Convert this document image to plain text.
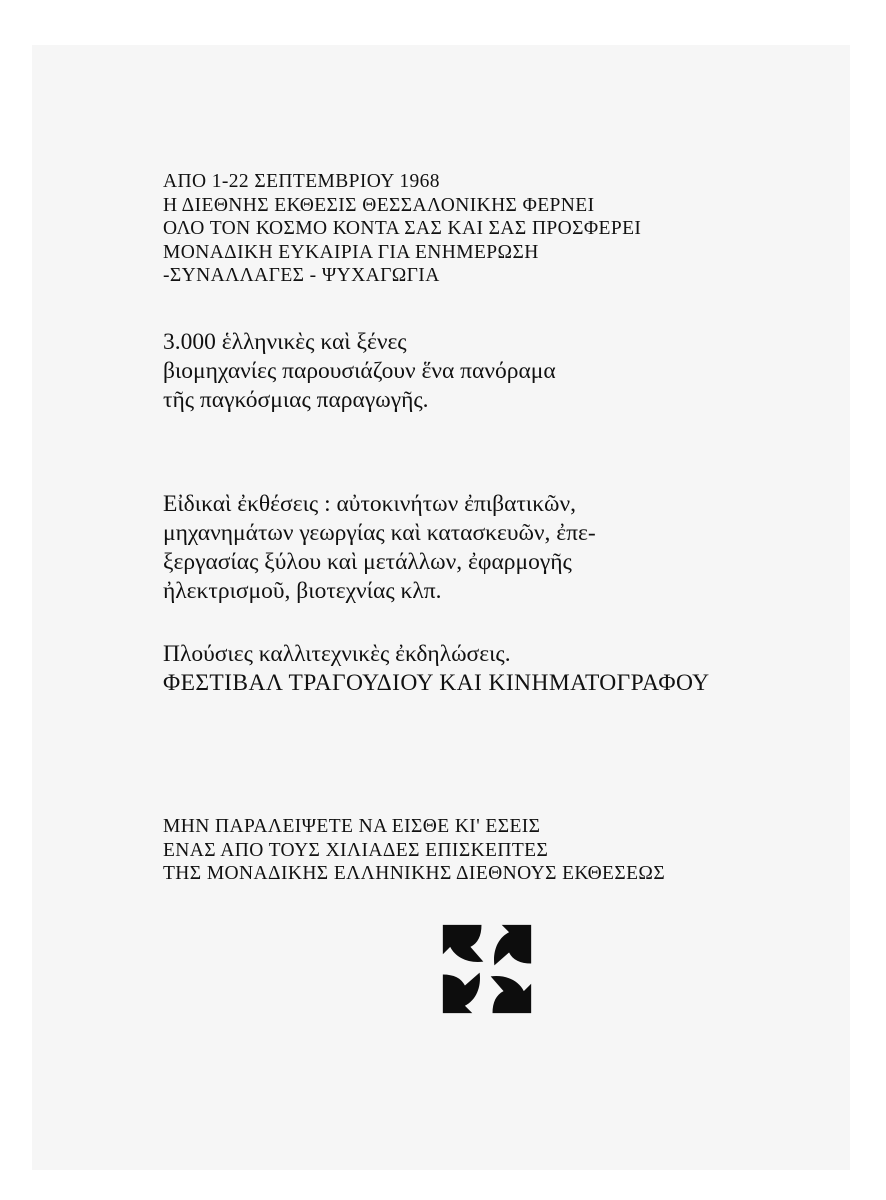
ΑΠΟ 1-22 ΣΕΠΤΕΜΒΡΙΟΥ 1968

Η ΔΙΕΘΝΗΣ ΕΚΘΕΣΙΣ ΘΕΣΣΑΛΟΝΙΚΗΣ ΦΕΡΝΕΙ

ΟΛΟ ΤΟΝ ΚΟΣΜΟ ΚΟΝΤΑ ΣΑΣ ΚΑΙ ΣΑΣ ΠΡΟΣΦΕΡΕΙ

ΜΟΝΑΔΙΚΗ ΕΥΚΑΙΡΙΑ ΓΙΑ ΕΝΗΜΕΡΩΣΗ

-ΣΥΝΑΛΛΑΓΕΣ - ΨΥΧΑΓΩΓΙΑ

3.000 ἑλληνικὲς καὶ ξένες

βιομηχανίες παρουσιάζουν ἕνα πανόραμα

τῆς παγκόσμιας παραγωγῆς.

Εἰδικαὶ ἐκθέσεις : αὐτοκινήτων ἐπιβατικῶν,

μηχανημάτων γεωργίας καὶ κατασκευῶν, ἐπε-

ξεργασίας ξύλου καὶ μετάλλων, ἐφαρμογῆς

ἠλεκτρισμοῦ, βιοτεχνίας κλπ.

Πλούσιες καλλιτεχνικὲς ἐκδηλώσεις.

ΦΕΣΤΙΒΑΛ ΤΡΑΓΟΥΔΙΟΥ ΚΑΙ ΚΙΝΗΜΑΤΟΓΡΑΦΟΥ

ΜΗΝ ΠΑΡΑΛΕΙΨΕΤΕ ΝΑ ΕΙΣΘΕ ΚΙ' ΕΣΕΙΣ

ΕΝΑΣ ΑΠΟ ΤΟΥΣ ΧΙΛΙΑΔΕΣ ΕΠΙΣΚΕΠΤΕΣ

ΤΗΣ ΜΟΝΑΔΙΚΗΣ ΕΛΛΗΝΙΚΗΣ ΔΙΕΘΝΟΥΣ ΕΚΘΕΣΕΩΣ
